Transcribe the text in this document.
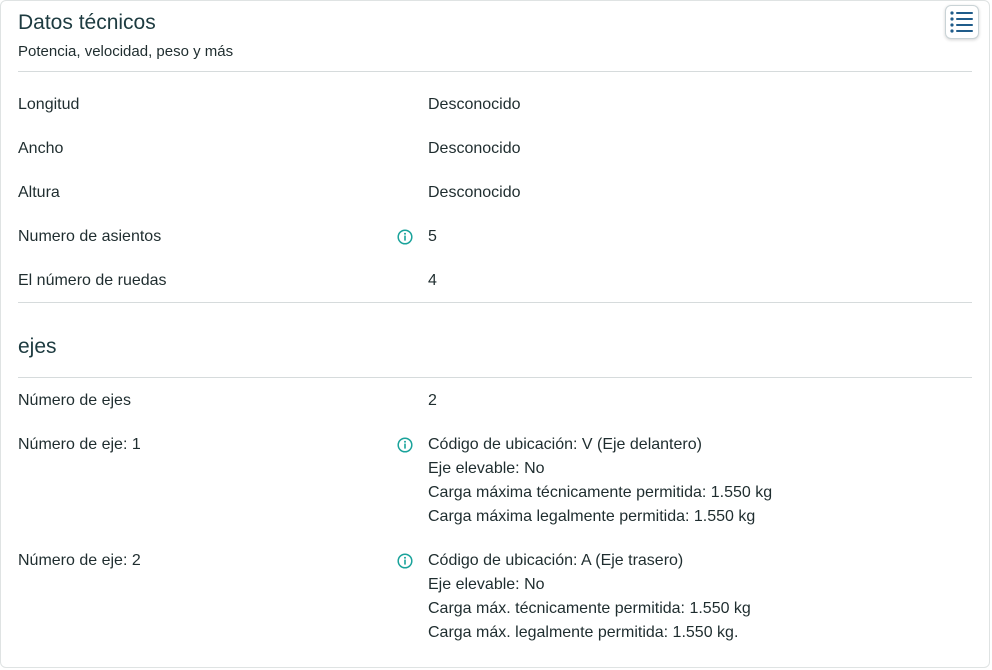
Datos técnicos
Potencia, velocidad, peso y más
Longitud	Desconocido
Ancho	Desconocido
Altura	Desconocido
Numero de asientos	5
El número de ruedas	4
ejes
Número de ejes	2
Número de eje: 1	Código de ubicación: V (Eje delantero)
Eje elevable: No
Carga máxima técnicamente permitida: 1.550 kg
Carga máxima legalmente permitida: 1.550 kg
Número de eje: 2	Código de ubicación: A (Eje trasero)
Eje elevable: No
Carga máx. técnicamente permitida: 1.550 kg
Carga máx. legalmente permitida: 1.550 kg.
